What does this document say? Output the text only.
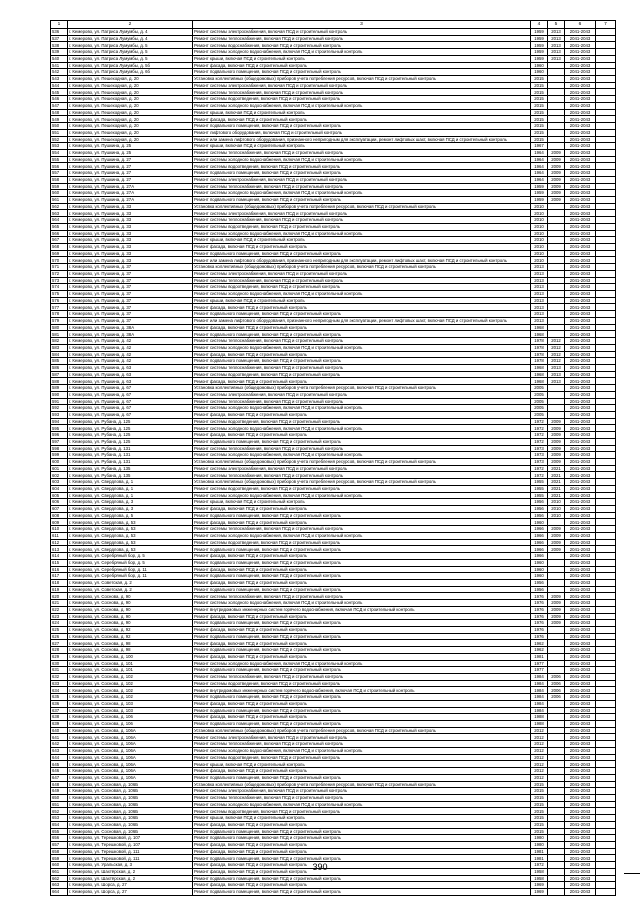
1	2	3	4	5	6	7
536	г. Кемерово, ул. Патриса Лумумбы, д. 4	Ремонт системы электроснабжения, включая ПСД и строительный контроль	1959	2013	2041-2043	
537	г. Кемерово, ул. Патриса Лумумбы, д. 4	Ремонт системы теплоснабжения, включая ПСД и строительный контроль	1959	2013	2041-2043	
538	г. Кемерово, ул. Патриса Лумумбы, д. 5	Ремонт системы водоснабжения, включая ПСД и строительный контроль	1959	2013	2041-2043	
539	г. Кемерово, ул. Патриса Лумумбы, д. 5	Ремонт системы холодного водоснабжения, включая ПСД и строительный контроль	1959	2013	2041-2043	
540	г. Кемерово, ул. Патриса Лумумбы, д. 5	Ремонт крыши, включая ПСД и строительный контроль	1959	2013	2041-2043	
541	г. Кемерово, ул. Патриса Лумумбы, д. 5б	Ремонт фасада, включая ПСД и строительный контроль	1960		2041-2043	
542	г. Кемерово, ул. Патриса Лумумбы, д. 6б	Ремонт подвального помещения, включая ПСД и строительный контроль	1960		2041-2043	
543	г. Кемерово, ул. Пешеходная, д. 20	Установка коллективных (общедомовых) приборов учета потребления ресурсов, включая ПСД и строительный контроль	2015		2041-2043	
544	г. Кемерово, ул. Пешеходная, д. 20	Ремонт системы электроснабжения, включая ПСД и строительный контроль	2015		2041-2043	
545	г. Кемерово, ул. Пешеходная, д. 20	Ремонт системы теплоснабжения, включая ПСД и строительный контроль	2015		2041-2043	
546	г. Кемерово, ул. Пешеходная, д. 20	Ремонт системы водоотведения, включая ПСД и строительный контроль	2015		2041-2043	
547	г. Кемерово, ул. Пешеходная, д. 20	Ремонт системы холодного водоснабжения, включая ПСД и строительный контроль	2015		2041-2043	
548	г. Кемерово, ул. Пешеходная, д. 20	Ремонт крыши, включая ПСД и строительный контроль	2015		2041-2043	
549	г. Кемерово, ул. Пешеходная, д. 20	Ремонт фасада, включая ПСД и строительный контроль	2015		2041-2043	
550	г. Кемерово, ул. Пешеходная, д. 20	Ремонт подвального помещения, включая ПСД и строительный контроль	2015		2041-2043	
551	г. Кемерово, ул. Пешеходная, д. 20	Ремонт лифтового оборудования, включая ПСД и строительный контроль	2015		2041-2043	
552	г. Кемерово, ул. Пешеходная, д. 20	Ремонт или замена лифтового оборудования, признанного непригодным для эксплуатации, ремонт лифтовых шахт, включая ПСД и строительный контроль	2015		2041-2043	
553	г. Кемерово, ул. Пушкина, д. 25	Ремонт крыши, включая ПСД и строительный контроль	1967		2041-2043	
554	г. Кемерово, ул. Пушкина, д. 25	Ремонт системы теплоснабжения, включая ПСД и строительный контроль	1964	2009	2041-2043	
555	г. Кемерово, ул. Пушкина, д. 27	Ремонт системы холодного водоснабжения, включая ПСД и строительный контроль	1964	2009	2041-2043	
556	г. Кемерово, ул. Пушкина, д. 27	Ремонт системы водоотведения, включая ПСД и строительный контроль	1964	2009	2041-2043	
557	г. Кемерово, ул. Пушкина, д. 27	Ремонт подвального помещения, включая ПСД и строительный контроль	1964	2009	2041-2043	
558	г. Кемерово, ул. Пушкина, д. 27	Ремонт системы электроснабжения, включая ПСД и строительный контроль	1964	2009	2041-2043	
559	г. Кемерово, ул. Пушкина, д. 27А	Ремонт системы теплоснабжения, включая ПСД и строительный контроль	1959	2009	2041-2043	
560	г. Кемерово, ул. Пушкина, д. 27А	Ремонт системы холодного водоснабжения, включая ПСД и строительный контроль	1959	2009	2041-2043	
561	г. Кемерово, ул. Пушкина, д. 27А	Ремонт подвального помещения, включая ПСД и строительный контроль	1959	2009	2041-2043	
562	г. Кемерово, ул. Пушкина, д. 33	Установка коллективных (общедомовых) приборов учета потребления ресурсов, включая ПСД и строительный контроль	2010		2041-2043	
563	г. Кемерово, ул. Пушкина, д. 33	Ремонт системы электроснабжения, включая ПСД и строительный контроль	2010		2041-2043	
564	г. Кемерово, ул. Пушкина, д. 33	Ремонт системы теплоснабжения, включая ПСД и строительный контроль	2010		2041-2043	
565	г. Кемерово, ул. Пушкина, д. 33	Ремонт системы водоотведения, включая ПСД и строительный контроль	2010		2041-2043	
566	г. Кемерово, ул. Пушкина, д. 33	Ремонт системы холодного водоснабжения, включая ПСД и строительный контроль	2010		2041-2043	
567	г. Кемерово, ул. Пушкина, д. 33	Ремонт крыши, включая ПСД и строительный контроль	2010		2041-2043	
568	г. Кемерово, ул. Пушкина, д. 33	Ремонт фасада, включая ПСД и строительный контроль	2010		2041-2043	
569	г. Кемерово, ул. Пушкина, д. 33	Ремонт подвального помещения, включая ПСД и строительный контроль	2010		2041-2043	
570	г. Кемерово, ул. Пушкина, д. 33	Ремонт или замена лифтового оборудования, признанного непригодным для эксплуатации, ремонт лифтовых шахт, включая ПСД и строительный контроль	2010		2041-2043	
571	г. Кемерово, ул. Пушкина, д. 37	Установка коллективных (общедомовых) приборов учета потребления ресурсов, включая ПСД и строительный контроль	2013		2041-2043	
572	г. Кемерово, ул. Пушкина, д. 37	Ремонт системы электроснабжения, включая ПСД и строительный контроль	2013		2041-2043	
573	г. Кемерово, ул. Пушкина, д. 37	Ремонт системы теплоснабжения, включая ПСД и строительный контроль	2013		2041-2043	
574	г. Кемерово, ул. Пушкина, д. 37	Ремонт системы водоотведения, включая ПСД и строительный контроль	2013		2041-2043	
575	г. Кемерово, ул. Пушкина, д. 37	Ремонт системы холодного водоснабжения, включая ПСД и строительный контроль	2013		2041-2043	
576	г. Кемерово, ул. Пушкина, д. 37	Ремонт крыши, включая ПСД и строительный контроль	2013		2041-2043	
577	г. Кемерово, ул. Пушкина, д. 37	Ремонт фасада, включая ПСД и строительный контроль	2013		2041-2043	
578	г. Кемерово, ул. Пушкина, д. 37	Ремонт подвального помещения, включая ПСД и строительный контроль	2013		2041-2043	
579	г. Кемерово, ул. Пушкина, д. 37	Ремонт или замена лифтового оборудования, признанного непригодным для эксплуатации, ремонт лифтовых шахт, включая ПСД и строительный контроль	2013		2041-2043	
580	г. Кемерово, ул. Пушкина, д. 38А	Ремонт фасада, включая ПСД и строительный контроль	1968		2041-2043	
581	г. Кемерово, ул. Пушкина, д. 38А	Ремонт подвального помещения, включая ПСД и строительный контроль	1968		2041-2043	
582	г. Кемерово, ул. Пушкина, д. 42	Ремонт системы теплоснабжения, включая ПСД и строительный контроль	1978	2012	2041-2043	
583	г. Кемерово, ул. Пушкина, д. 42	Ремонт системы холодного водоснабжения, включая ПСД и строительный контроль	1978	2012	2041-2043	
584	г. Кемерово, ул. Пушкина, д. 42	Ремонт фасада, включая ПСД и строительный контроль	1978	2012	2041-2043	
585	г. Кемерово, ул. Пушкина, д. 42	Ремонт подвального помещения, включая ПСД и строительный контроль	1978	2012	2041-2043	
586	г. Кемерово, ул. Пушкина, д. 63	Ремонт системы теплоснабжения, включая ПСД и строительный контроль	1968	2013	2041-2043	
587	г. Кемерово, ул. Пушкина, д. 63	Ремонт системы водоотведения, включая ПСД и строительный контроль	1968	2013	2041-2043	
588	г. Кемерово, ул. Пушкина, д. 63	Ремонт фасада, включая ПСД и строительный контроль	1968	2013	2041-2043	
589	г. Кемерово, ул. Пушкина, д. 67	Установка коллективных (общедомовых) приборов учета потребления ресурсов, включая ПСД и строительный контроль	2005		2041-2043	
590	г. Кемерово, ул. Пушкина, д. 67	Ремонт системы электроснабжения, включая ПСД и строительный контроль	2005		2041-2043	
591	г. Кемерово, ул. Пушкина, д. 67	Ремонт системы теплоснабжения, включая ПСД и строительный контроль	2005		2041-2043	
592	г. Кемерово, ул. Пушкина, д. 67	Ремонт системы холодного водоснабжения, включая ПСД и строительный контроль	2005		2041-2043	
593	г. Кемерово, ул. Пушкина, д. 67	Ремонт фасада, включая ПСД и строительный контроль	2005		2041-2043	
594	г. Кемерово, ул. Рубана, д. 125	Ремонт системы водоотведения, включая ПСД и строительный контроль	1972	2009	2041-2043	
595	г. Кемерово, ул. Рубана, д. 125	Ремонт системы холодного водоснабжения, включая ПСД и строительный контроль	1972	2009	2041-2043	
596	г. Кемерово, ул. Рубана, д. 125	Ремонт фасада, включая ПСД и строительный контроль	1972	2009	2041-2043	
597	г. Кемерово, ул. Рубана, д. 125	Ремонт подвального помещения, включая ПСД и строительный контроль	1972	2009	2041-2043	
598	г. Кемерово, ул. Рубана, д. 131	Ремонт системы теплоснабжения, включая ПСД и строительный контроль	1973	2009	2041-2043	
599	г. Кемерово, ул. Рубана, д. 131	Ремонт системы холодного водоснабжения, включая ПСД и строительный контроль	1973	2009	2041-2043	
600	г. Кемерово, ул. Рубана, д. 131	Установка коллективных (общедомовых) приборов учета потребления ресурсов, включая ПСД и строительный контроль	1973	2009	2041-2043	
601	г. Кемерово, ул. Рубана, д. 135	Ремонт системы электроснабжения, включая ПСД и строительный контроль	1972	2021	2041-2043	
602	г. Кемерово, ул. Рубана, д. 135	Ремонт системы теплоснабжения, включая ПСД и строительный контроль	1972	2021	2041-2043	
603	г. Кемерово, ул. Свердлова, д. 1	Установка коллективных (общедомовых) приборов учета потребления ресурсов, включая ПСД и строительный контроль	1955	2021	2041-2043	
604	г. Кемерово, ул. Свердлова, д. 1	Ремонт системы водоотведения, включая ПСД и строительный контроль	1955	2021	2041-2043	
605	г. Кемерово, ул. Свердлова, д. 1	Ремонт системы холодного водоснабжения, включая ПСД и строительный контроль	1955	2021	2041-2043	
606	г. Кемерово, ул. Свердлова, д. 3	Ремонт крыши, включая ПСД и строительный контроль	1956	2010	2041-2043	
607	г. Кемерово, ул. Свердлова, д. 3	Ремонт фасада, включая ПСД и строительный контроль	1956	2010	2041-2043	
608	г. Кемерово, ул. Свердлова, д. 5	Ремонт подвального помещения, включая ПСД и строительный контроль	1956	2010	2041-2043	
609	г. Кемерово, ул. Свердлова, д. 53	Ремонт фасада, включая ПСД и строительный контроль	1960		2041-2043	
610	г. Кемерово, ул. Свердлова, д. 53	Ремонт системы теплоснабжения, включая ПСД и строительный контроль	1966	2009	2041-2043	
611	г. Кемерово, ул. Свердлова, д. 53	Ремонт системы холодного водоснабжения, включая ПСД и строительный контроль	1966	2009	2041-2043	
612	г. Кемерово, ул. Свердлова, д. 53	Ремонт системы водоотведения, включая ПСД и строительный контроль	1966	2009	2041-2043	
613	г. Кемерово, ул. Свердлова, д. 53	Ремонт подвального помещения, включая ПСД и строительный контроль	1966	2009	2041-2043	
614	г. Кемерово, ул. Серебряный бор, д. 5	Ремонт фасада, включая ПСД и строительный контроль	1966		2041-2043	
615	г. Кемерово, ул. Серебряный бор, д. 5	Ремонт подвального помещения, включая ПСД и строительный контроль	1960		2041-2043	
616	г. Кемерово, ул. Серебряный бор, д. 11	Ремонт фасада, включая ПСД и строительный контроль	1960		2041-2043	
617	г. Кемерово, ул. Серебряный бор, д. 11	Ремонт подвального помещения, включая ПСД и строительный контроль	1960		2041-2043	
618	г. Кемерово, ул. Советская, д. 2	Ремонт фасада, включая ПСД и строительный контроль	1956		2041-2043	
619	г. Кемерово, ул. Советская, д. 2	Ремонт подвального помещения, включая ПСД и строительный контроль	1956		2041-2043	
620	г. Кемерово, ул. Соснова, д. 90	Ремонт системы теплоснабжения, включая ПСД и строительный контроль	1976	2009	2041-2043	
621	г. Кемерово, ул. Соснова, д. 90	Ремонт системы холодного водоснабжения, включая ПСД и строительный контроль	1976	2009	2041-2043	
622	г. Кемерово, ул. Соснова, д. 90	Ремонт внутридомовых инженерных систем горячего водоснабжения, включая ПСД и строительный контроль	1976	2009	2041-2043	
623	г. Кемерово, ул. Соснова, д. 90	Ремонт фасада, включая ПСД и строительный контроль	1976	2009	2041-2043	
624	г. Кемерово, ул. Соснова, д. 90	Ремонт подвального помещения, включая ПСД и строительный контроль	1976	2009	2041-2043	
625	г. Кемерово, ул. Соснова, д. 92	Ремонт фасада, включая ПСД и строительный контроль	1976		2041-2043	
626	г. Кемерово, ул. Соснова, д. 92	Ремонт подвального помещения, включая ПСД и строительный контроль	1976		2041-2043	
627	г. Кемерово, ул. Соснова, д. 98	Ремонт фасада, включая ПСД и строительный контроль	1962		2041-2043	
628	г. Кемерово, ул. Соснова, д. 98	Ремонт подвального помещения, включая ПСД и строительный контроль	1962		2041-2043	
629	г. Кемерово, ул. Соснова, д. 100	Ремонт фасада, включая ПСД и строительный контроль	1981		2041-2043	
630	г. Кемерово, ул. Соснова, д. 101	Ремонт системы холодного водоснабжения, включая ПСД и строительный контроль	1977		2041-2043	
631	г. Кемерово, ул. Соснова, д. 101	Ремонт подвального помещения, включая ПСД и строительный контроль	1977		2041-2043	
632	г. Кемерово, ул. Соснова, д. 102	Ремонт системы теплоснабжения, включая ПСД и строительный контроль	1984	2006	2041-2043	
633	г. Кемерово, ул. Соснова, д. 102	Ремонт системы водоотведения, включая ПСД и строительный контроль	1984	2006	2041-2043	
634	г. Кемерово, ул. Соснова, д. 102	Ремонт внутридомовых инженерных систем горячего водоснабжения, включая ПСД и строительный контроль	1984	2006	2041-2043	
635	г. Кемерово, ул. Соснова, д. 102	Ремонт подвального помещения, включая ПСД и строительный контроль	1984	2006	2041-2043	
636	г. Кемерово, ул. Соснова, д. 103	Ремонт фасада, включая ПСД и строительный контроль	1984		2041-2043	
637	г. Кемерово, ул. Соснова, д. 103	Ремонт подвального помещения, включая ПСД и строительный контроль	1984		2041-2043	
638	г. Кемерово, ул. Соснова, д. 106	Ремонт фасада, включая ПСД и строительный контроль	1988		2041-2043	
639	г. Кемерово, ул. Соснова, д. 106	Ремонт подвального помещения, включая ПСД и строительный контроль	1988		2041-2043	
640	г. Кемерово, ул. Соснова, д. 106А	Установка коллективных (общедомовых) приборов учета потребления ресурсов, включая ПСД и строительный контроль	2012		2041-2043	
641	г. Кемерово, ул. Соснова, д. 106А	Ремонт системы электроснабжения, включая ПСД и строительный контроль	2012		2041-2043	
642	г. Кемерово, ул. Соснова, д. 106А	Ремонт системы теплоснабжения, включая ПСД и строительный контроль	2012		2041-2043	
643	г. Кемерово, ул. Соснова, д. 106А	Ремонт системы холодного водоснабжения, включая ПСД и строительный контроль	2012		2041-2043	
644	г. Кемерово, ул. Соснова, д. 106А	Ремонт системы водоотведения, включая ПСД и строительный контроль	2012		2041-2043	
645	г. Кемерово, ул. Соснова, д. 106А	Ремонт крыши, включая ПСД и строительный контроль	2012		2041-2043	
646	г. Кемерово, ул. Соснова, д. 106А	Ремонт фасада, включая ПСД и строительный контроль	2012		2041-2043	
647	г. Кемерово, ул. Соснова, д. 106А	Ремонт подвального помещения, включая ПСД и строительный контроль	2012		2041-2043	
648	г. Кемерово, ул. Сосновая, д. 106Б	Установка коллективных (общедомовых) приборов учета потребления ресурсов, включая ПСД и строительный контроль	2015		2041-2043	
649	г. Кемерово, ул. Сосновая, д. 106Б	Ремонт системы электроснабжения, включая ПСД и строительный контроль	2015		2041-2043	
650	г. Кемерово, ул. Сосновая, д. 106Б	Ремонт системы теплоснабжения, включая ПСД и строительный контроль	2015		2041-2043	
651	г. Кемерово, ул. Сосновая, д. 106Б	Ремонт системы холодного водоснабжения, включая ПСД и строительный контроль	2015		2041-2043	
652	г. Кемерово, ул. Сосновая, д. 106Б	Ремонт системы водоотведения, включая ПСД и строительный контроль	2015		2041-2043	
653	г. Кемерово, ул. Сосновая, д. 106Б	Ремонт крыши, включая ПСД и строительный контроль	2015		2041-2043	
654	г. Кемерово, ул. Сосновая, д. 106Б	Ремонт фасада, включая ПСД и строительный контроль	2015		2041-2043	
655	г. Кемерово, ул. Сосновая, д. 106Б	Ремонт подвального помещения, включая ПСД и строительный контроль	2015		2041-2043	
656	г. Кемерово, ул. Терешковой, д. 107	Ремонт подвального помещения, включая ПСД и строительный контроль	1980		2041-2043	
657	г. Кемерово, ул. Терешковой, д. 107	Ремонт фасада, включая ПСД и строительный контроль	1980		2041-2043	
658	г. Кемерово, ул. Терешковой, д. 111	Ремонт фасада, включая ПСД и строительный контроль	1981		2041-2043	
659	г. Кемерово, ул. Терешковой, д. 111	Ремонт подвального помещения, включая ПСД и строительный контроль	1981		2041-2043	
660	г. Кемерово, ул. Уральская, д. 3	Ремонт фасада, включая ПСД и строительный контроль	1972		2041-2043	
661	г. Кемерово, ул. Шахтёрская, д. 2	Ремонт фасада, включая ПСД и строительный контроль	1958		2041-2043	
662	г. Кемерово, ул. Шахтёрская, д. 2	Ремонт подвального помещения, включая ПСД и строительный контроль	1958		2041-2043	
663	г. Кемерово, ул. Шорса, д. 27	Ремонт фасада, включая ПСД и строительный контроль	1969		2041-2043	
664	г. Кемерово, ул. Шорса, д. 27	Ремонт подвального помещения, включая ПСД и строительный контроль	1969		2041-2043	
390
